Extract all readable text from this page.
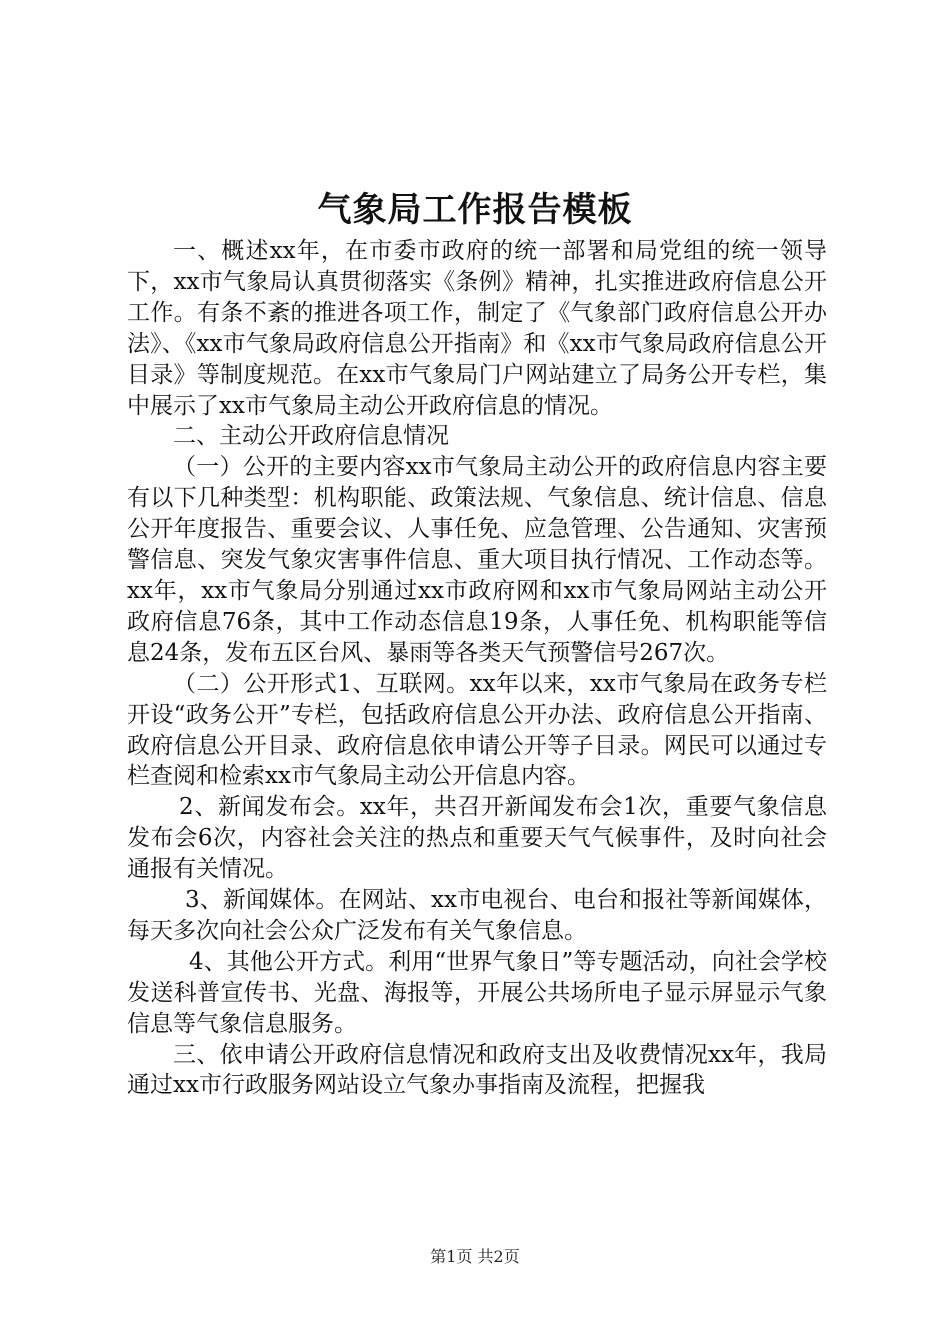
气象局工作报告模板

一、概述xx年，在市委市政府的统一部署和局党组的统一领导下，xx市气象局认真贯彻落实《条例》精神，扎实推进政府信息公开工作。有条不紊的推进各项工作，制定了《气象部门政府信息公开办法》、《xx市气象局政府信息公开指南》和《xx市气象局政府信息公开目录》等制度规范。在xx市气象局门户网站建立了局务公开专栏，集中展示了xx市气象局主动公开政府信息的情况。

二、主动公开政府信息情况

（一）公开的主要内容xx市气象局主动公开的政府信息内容主要有以下几种类型：机构职能、政策法规、气象信息、统计信息、信息公开年度报告、重要会议、人事任免、应急管理、公告通知、灾害预警信息、突发气象灾害事件信息、重大项目执行情况、工作动态等。xx年，xx市气象局分别通过xx市政府网和xx市气象局网站主动公开政府信息76条，其中工作动态信息19条，人事任免、机构职能等信息24条，发布五区台风、暴雨等各类天气预警信号267次。

（二）公开形式1、互联网。xx年以来，xx市气象局在政务专栏开设“政务公开”专栏，包括政府信息公开办法、政府信息公开指南、政府信息公开目录、政府信息依申请公开等子目录。网民可以通过专栏查阅和检索xx市气象局主动公开信息内容。

2、新闻发布会。xx年，共召开新闻发布会1次，重要气象信息发布会6次，内容社会关注的热点和重要天气气候事件，及时向社会通报有关情况。

3、新闻媒体。在网站、xx市电视台、电台和报社等新闻媒体，每天多次向社会公众广泛发布有关气象信息。

4、其他公开方式。利用“世界气象日”等专题活动，向社会学校发送科普宣传书、光盘、海报等，开展公共场所电子显示屏显示气象信息等气象信息服务。

三、依申请公开政府信息情况和政府支出及收费情况xx年，我局通过xx市行政服务网站设立气象办事指南及流程，把握我

第1页 共2页
